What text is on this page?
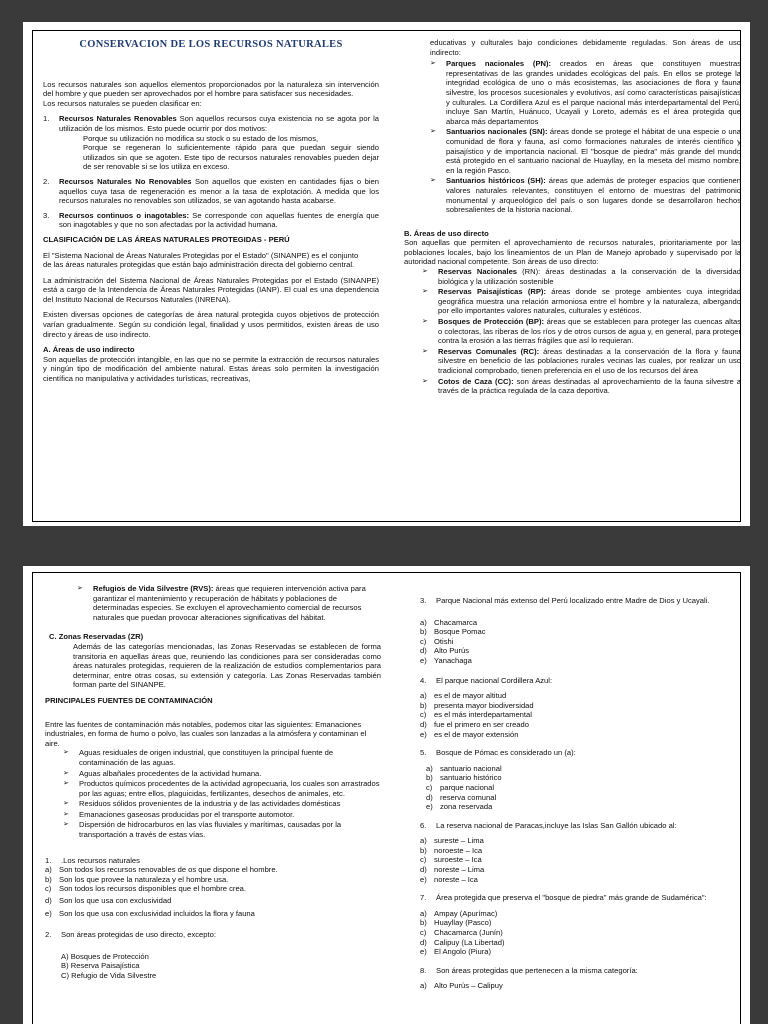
CONSERVACION DE LOS RECURSOS NATURALES

Los recursos naturales son aquellos elementos proporcionados por la naturaleza sin intervención del hombre y que pueden ser aprovechados por el hombre para satisfacer sus necesidades.

Los recursos naturales se pueden clasificar en:

1.	Recursos Naturales Renovables Son aquellos recursos cuya existencia no se agota por la utilización de los mismos. Esto puede ocurrir por dos motivos:
Porque su utilización no modifica su stock o su estado de los mismos,
Porque se regeneran lo suficientemente rápido para que puedan seguir siendo utilizados sin que se agoten. Este tipo de recursos naturales renovables pueden dejar de ser renovable si se los utiliza en exceso.
2.	Recursos Naturales No Renovables Son aquellos que existen en cantidades fijas o bien aquellos cuya tasa de regeneración es menor a la tasa de explotación. A medida que los recursos naturales no renovables son utilizados, se van agotando hasta acabarse.
3.	Recursos continuos o inagotables: Se corresponde con aquellas fuentes de energía que son inagotables y que no son afectadas por la actividad humana.

CLASIFICACIÓN DE LAS ÁREAS NATURALES PROTEGIDAS - PERÚ

El "Sistema Nacional de Áreas Naturales Protegidas por el Estado" (SINANPE) es el conjunto

de las áreas naturales protegidas que están bajo administración directa del gobierno central.

La administración del Sistema Nacional de Áreas Naturales Protegidas por el Estado (SINANPE) está a cargo de la Intendencia de Áreas Naturales Protegidas (IANP). El cual es una dependencia del Instituto Nacional de Recursos Naturales (INRENA).

Existen diversas opciones de categorías de área natural protegida cuyos objetivos de protección varían gradualmente. Según su condición legal, finalidad y usos permitidos, existen áreas de uso directo y áreas de uso indirecto.

A. Áreas de uso indirecto

Son aquellas de protección intangible, en las que no se permite la extracción de recursos naturales y ningún tipo de modificación del ambiente natural. Estas áreas solo permiten la investigación científica no manipulativa y actividades turísticas, recreativas,

educativas y culturales bajo condiciones debidamente reguladas. Son áreas de uso indirecto:

➢	Parques nacionales (PN): creados en áreas que constituyen muestras representativas de las grandes unidades ecológicas del país. En ellos se protege la integridad ecológica de uno o más ecosistemas, las asociaciones de flora y fauna silvestre, los procesos sucesionales y evolutivos, así como características paisajísticas y culturales. La Cordillera Azul es el parque nacional más interdepartamental del Perú, incluye San Martín, Huánuco, Ucayali y Loreto, además es el área protegida que abarca más departamentos
➢	Santuarios nacionales (SN): áreas donde se protege el hábitat de una especie o una comunidad de flora y fauna, así como formaciones naturales de interés científico y paisajístico y de importancia nacional. El "bosque de piedra" más grande del mundo está protegido en el santuario nacional de Huayllay, en la meseta del mismo nombre, en la región Pasco.
➢	Santuarios históricos (SH): áreas que además de proteger espacios que contienen valores naturales relevantes, constituyen el entorno de muestras del patrimonio monumental y arqueológico del país o son lugares donde se desarrollaron hechos sobresalientes de la historia nacional.

B. Áreas de uso directo

Son aquellas que permiten el aprovechamiento de recursos naturales, prioritariamente por las poblaciones locales, bajo los lineamientos de un Plan de Manejo aprobado y supervisado por la autoridad nacional competente. Son áreas de uso directo:

➢	Reservas Nacionales (RN): áreas destinadas a la conservación de la diversidad biológica y la utilización sostenible
➢	Reservas Paisajísticas (RP): áreas donde se protege ambientes cuya integridad geográfica muestra una relación armoniosa entre el hombre y la naturaleza, albergando por ello importantes valores naturales, culturales y estéticos.
➢	Bosques de Protección (BP): áreas que se establecen para proteger las cuencas altas o colectoras, las riberas de los ríos y de otros cursos de agua y, en general, para proteger contra la erosión a las tierras frágiles que así lo requieran.
➢	Reservas Comunales (RC): áreas destinadas a la conservación de la flora y fauna silvestre en beneficio de las poblaciones rurales vecinas las cuales, por realizar un uso tradicional comprobado, tienen preferencia en el uso de los recursos del área
➢	Cotos de Caza (CC): son áreas destinadas al aprovechamiento de la fauna silvestre a través de la práctica regulada de la caza deportiva.
➢	Refugios de Vida Silvestre (RVS): áreas que requieren intervención activa para garantizar el mantenimiento y recuperación de hábitats y poblaciones de determinadas especies. Se excluyen el aprovechamiento comercial de recursos naturales que puedan provocar alteraciones significativas del hábitat.

C. Zonas Reservadas (ZR)

Además de las categorías mencionadas, las Zonas Reservadas se establecen de forma transitoria en aquellas áreas que, reuniendo las condiciones para ser consideradas como áreas naturales protegidas, requieren de la realización de estudios complementarios para determinar, entre otras cosas, su extensión y categoría. Las Zonas Reservadas también forman parte del SINANPE.

PRINCIPALES FUENTES DE CONTAMINACIÓN

Entre las fuentes de contaminación más notables, podemos citar las siguientes: Emanaciones industriales, en forma de humo o polvo, las cuales son lanzadas a la atmósfera y contaminan el aire.

➢	Aguas residuales de origen industrial, que constituyen la principal fuente de contaminación de las aguas.
➢	Aguas albañales procedentes de la actividad humana.
➢	Productos químicos procedentes de la actividad agropecuaria, los cuales son arrastrados por las aguas; entre ellos, plaguicidas, fertilizantes, desechos de animales, etc.
➢	Residuos sólidos provenientes de la industria y de las actividades domésticas
➢	Emanaciones gaseosas producidas por el transporte automotor.
➢	Dispersión de hidrocarburos en las vías fluviales y marítimas, causadas por la transportación a través de estas vías.
1.	.Los recursos naturales
a) Son todos los recursos renovables de os que dispone el hombre.
b) Son los que provee la naturaleza y el hombre usa.
c)	Son todos los recursos disponibles que el hombre crea.
d) Son los que usa con exclusividad
e) Son los que usa con exclusividad incluidos la flora y fauna
2.	Son áreas protegidas de uso directo, excepto:
A) Bosques de Protección
B) Reserva Paisajística
C) Refugio de Vida Silvestre
3.	Parque Nacional más extenso del Perú localizado entre Madre de Dios y Ucayali.
a) Chacamarca
b) Bosque Pomac
c)	Otishi
d) Alto Purús
e) Yanachaga
4.	El parque nacional Cordillera Azul:
a) es el de mayor altitud
b) presenta mayor biodiversidad
c)	es el más interdepartamental
d) fue el primero en ser creado
e) es el de mayor extensión
5.	Bosque de Pómac es considerado un (a):
a) santuario nacional
b) santuario histórico
c)	parque nacional
d) reserva comunal
e) zona reservada
6.	La reserva nacional de Paracas,incluye las Islas San Gallón ubicado al:
a) sureste – Lima
b) noroeste – Ica
c)	suroeste – Ica
d) noreste – Lima
e) noreste – Ica
7.	Área protegida que preserva el "bosque de piedra" más grande de Sudamérica":
a) Ampay (Apurímac)
b) Huayllay (Pasco)
c)	Chacamarca (Junín)
d) Calipuy (La Libertad)
e) El Angolo (Piura)
8.	Son áreas protegidas que pertenecen a la misma categoría:
a) Alto Purús – Calipuy
